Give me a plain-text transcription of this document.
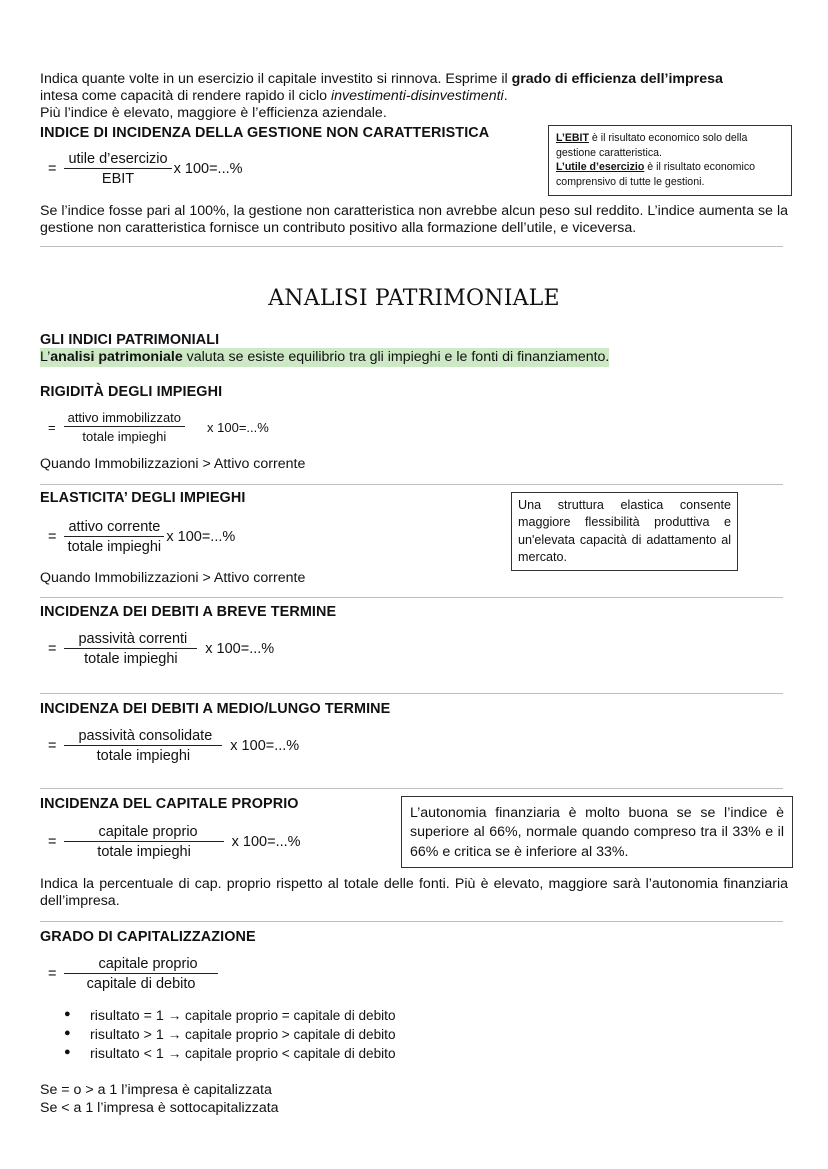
Indica quante volte in un esercizio il capitale investito si rinnova. Esprime il grado di efficienza dell’impresa
intesa come capacità di rendere rapido il ciclo investimenti-disinvestimenti.
Più l’indice è elevato, maggiore è l’efficienza aziendale.
INDICE DI INCIDENZA DELLA GESTIONE NON CARATTERISTICA
= $\frac{\text{utile d’esercizio}}{\text{EBIT}}$ x 100=...%
L’EBIT è il risultato economico solo della gestione caratteristica.
L’utile d’esercizio è il risultato economico comprensivo di tutte le gestioni.
Se l’indice fosse pari al 100%, la gestione non caratteristica non avrebbe alcun peso sul reddito. L’indice aumenta se la gestione non caratteristica fornisce un contributo positivo alla formazione dell’utile, e viceversa.
ANALISI PATRIMONIALE
GLI INDICI PATRIMONIALI
L’analisi patrimoniale valuta se esiste equilibrio tra gli impieghi e le fonti di finanziamento.
RIGIDITÀ DEGLI IMPIEGHI
= $\frac{\text{attivo immobilizzato}}{\text{totale impieghi}}$ x 100=...%
Quando Immobilizzazioni > Attivo corrente
ELASTICITA’ DEGLI IMPIEGHI
= $\frac{\text{attivo corrente}}{\text{totale impieghi}}$ x 100=...%
Una struttura elastica consente maggiore flessibilità produttiva e un'elevata capacità di adattamento al mercato.
Quando Immobilizzazioni > Attivo corrente
INCIDENZA DEI DEBITI A BREVE TERMINE
= $\frac{\text{passività correnti}}{\text{totale impieghi}}$ x 100=...%
INCIDENZA DEI DEBITI A MEDIO/LUNGO TERMINE
= $\frac{\text{passività consolidate}}{\text{totale impieghi}}$ x 100=...%
INCIDENZA DEL CAPITALE PROPRIO
= $\frac{\text{capitale proprio}}{\text{totale impieghi}}$ x 100=...%
L’autonomia finanziaria è molto buona se se l’indice è superiore al 66%, normale quando compreso tra il 33% e il 66% e critica se è inferiore al 33%.
Indica la percentuale di cap. proprio rispetto al totale delle fonti. Più è elevato, maggiore sarà l’autonomia finanziaria dell’impresa.
GRADO DI CAPITALIZZAZIONE
= $\frac{\text{capitale proprio}}{\text{capitale di debito}}$
● risultato = 1 → capitale proprio = capitale di debito
● risultato > 1 → capitale proprio > capitale di debito
● risultato < 1 → capitale proprio < capitale di debito
Se = o > a 1 l’impresa è capitalizzata
Se < a 1 l’impresa è sottocapitalizzata
